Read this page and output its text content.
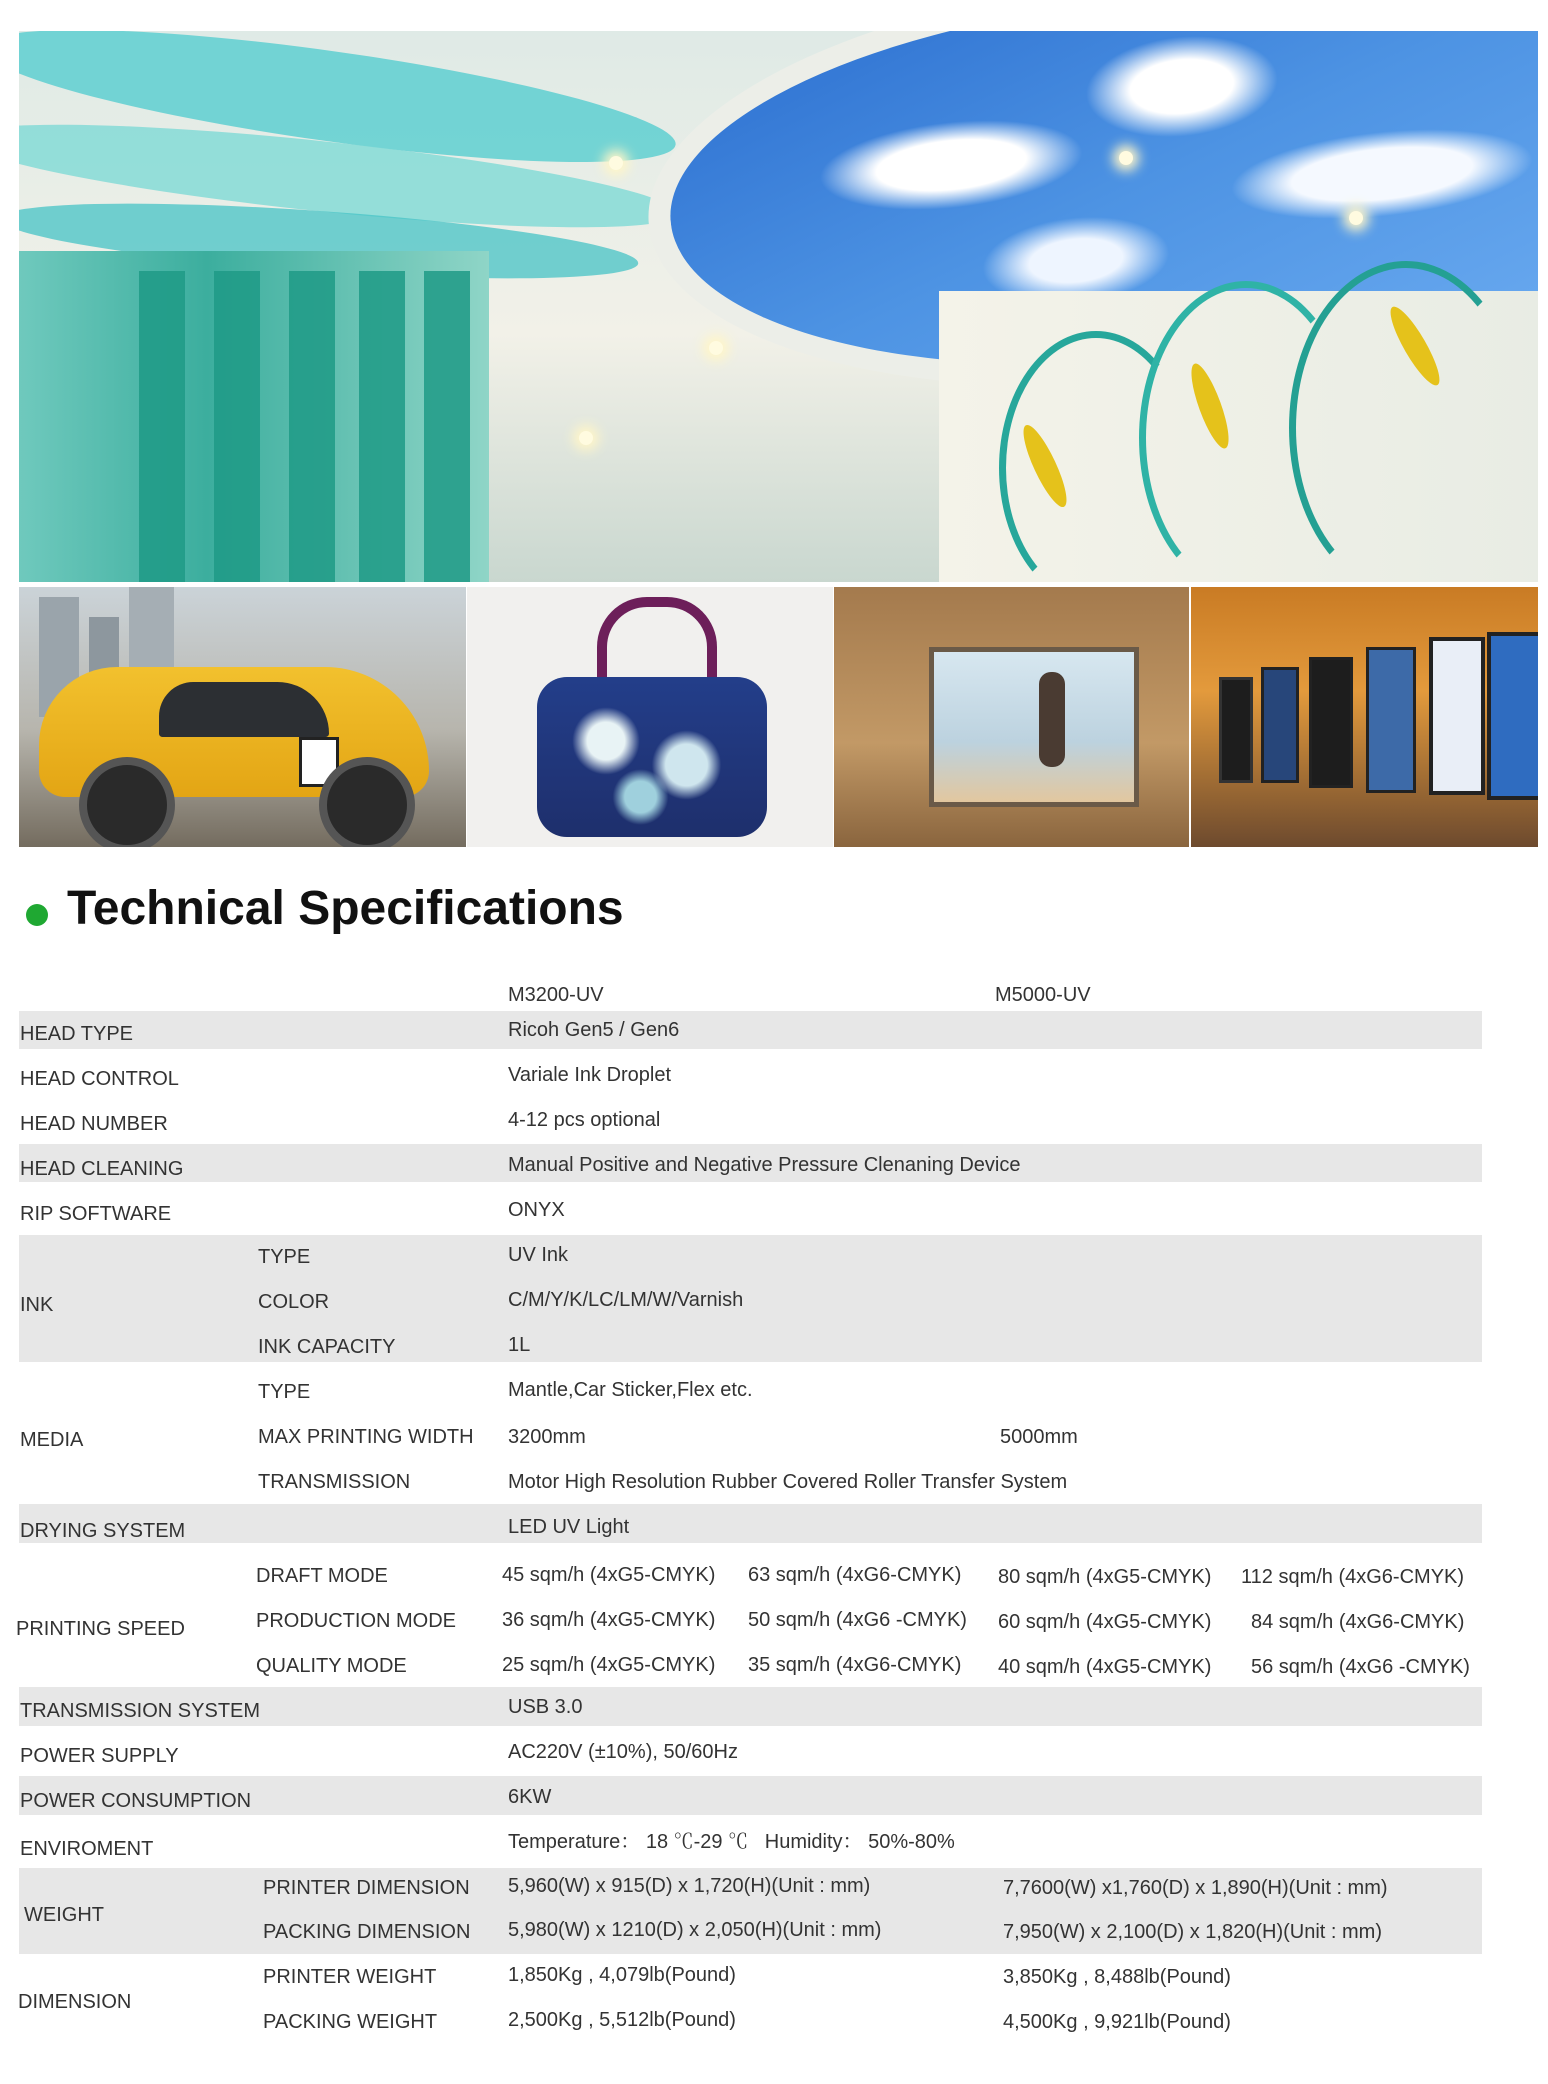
Technical Specifications
M3200-UV	M5000-UV
HEAD TYPE	Ricoh Gen5 / Gen6
HEAD CONTROL	Variale Ink Droplet
HEAD NUMBER	4-12 pcs optional
HEAD CLEANING	Manual Positive and Negative Pressure Clenaning Device
RIP SOFTWARE	ONYX
INK
TYPE	UV Ink
COLOR	C/M/Y/K/LC/LM/W/Varnish
INK CAPACITY	1L
MEDIA
TYPE	Mantle,Car Sticker,Flex etc.
MAX PRINTING WIDTH 3200mm	5000mm
TRANSMISSION	Motor High Resolution Rubber Covered Roller Transfer System
DRYING SYSTEM	LED UV Light
PRINTING SPEED
DRAFT MODE	45 sqm/h (4xG5-CMYK) 63 sqm/h (4xG6-CMYK) 80 sqm/h (4xG5-CMYK) 112 sqm/h (4xG6-CMYK)
PRODUCTION MODE 36 sqm/h (4xG5-CMYK) 50 sqm/h (4xG6 -CMYK) 60 sqm/h (4xG5-CMYK) 84 sqm/h (4xG6-CMYK)
QUALITY MODE	25 sqm/h (4xG5-CMYK) 35 sqm/h (4xG6-CMYK) 40 sqm/h (4xG5-CMYK) 56 sqm/h (4xG6 -CMYK)
TRANSMISSION SYSTEM	USB 3.0
POWER SUPPLY	AC220V (±10%), 50/60Hz
POWER CONSUMPTION	6KW
ENVIROMENT	Temperature： 18 ℃-29 ℃   Humidity： 50%-80%
WEIGHT
PRINTER DIMENSION 5,960(W) x 915(D) x 1,720(H)(Unit : mm)	7,7600(W) x1,760(D) x 1,890(H)(Unit : mm)
PACKING DIMENSION 5,980(W) x 1210(D) x 2,050(H)(Unit : mm)	7,950(W) x 2,100(D) x 1,820(H)(Unit : mm)
DIMENSION
PRINTER WEIGHT	1,850Kg , 4,079lb(Pound)	3,850Kg , 8,488lb(Pound)
PACKING WEIGHT	2,500Kg , 5,512lb(Pound)	4,500Kg , 9,921lb(Pound)
